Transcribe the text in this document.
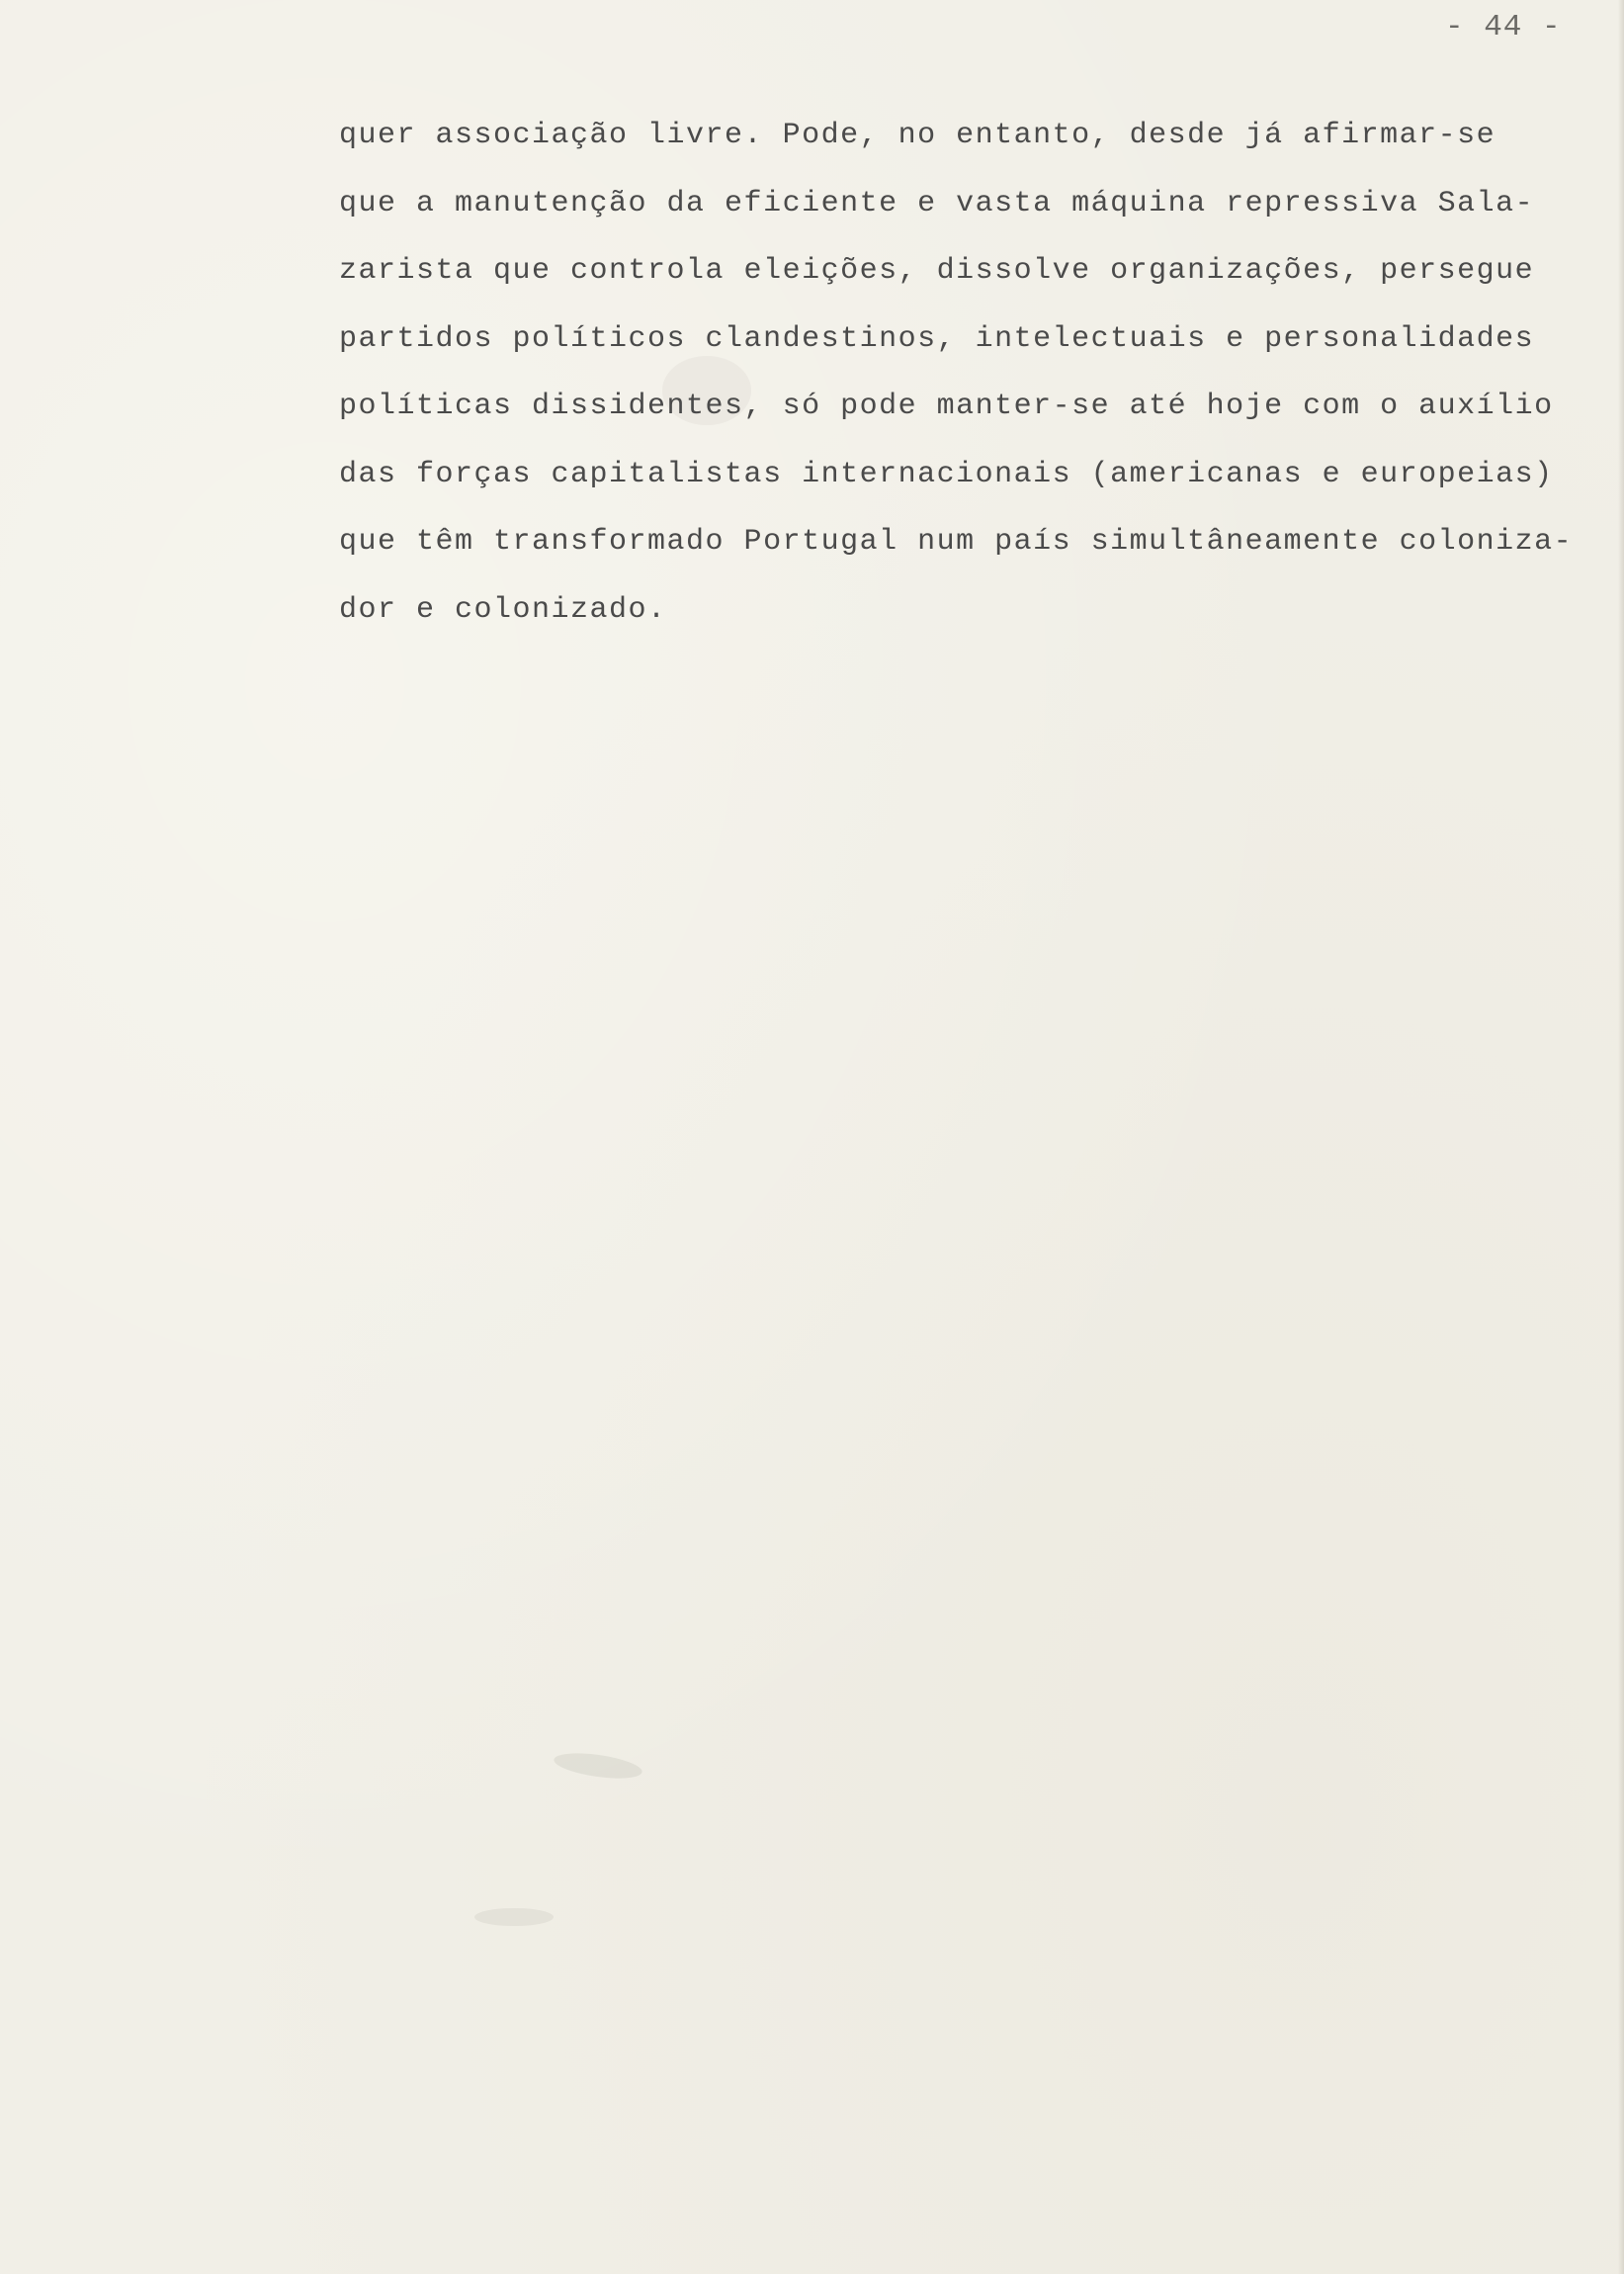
- 44 -
quer associação livre. Pode, no entanto, desde já afirmar-se
que a manutenção da eficiente e vasta máquina repressiva Sala-
zarista que controla eleições, dissolve organizações, persegue
partidos políticos clandestinos, intelectuais e personalidades
políticas dissidentes, só pode manter-se até hoje com o auxílio
das forças capitalistas internacionais (americanas e europeias)
que têm transformado Portugal num país simultâneamente coloniza-
dor e colonizado.
